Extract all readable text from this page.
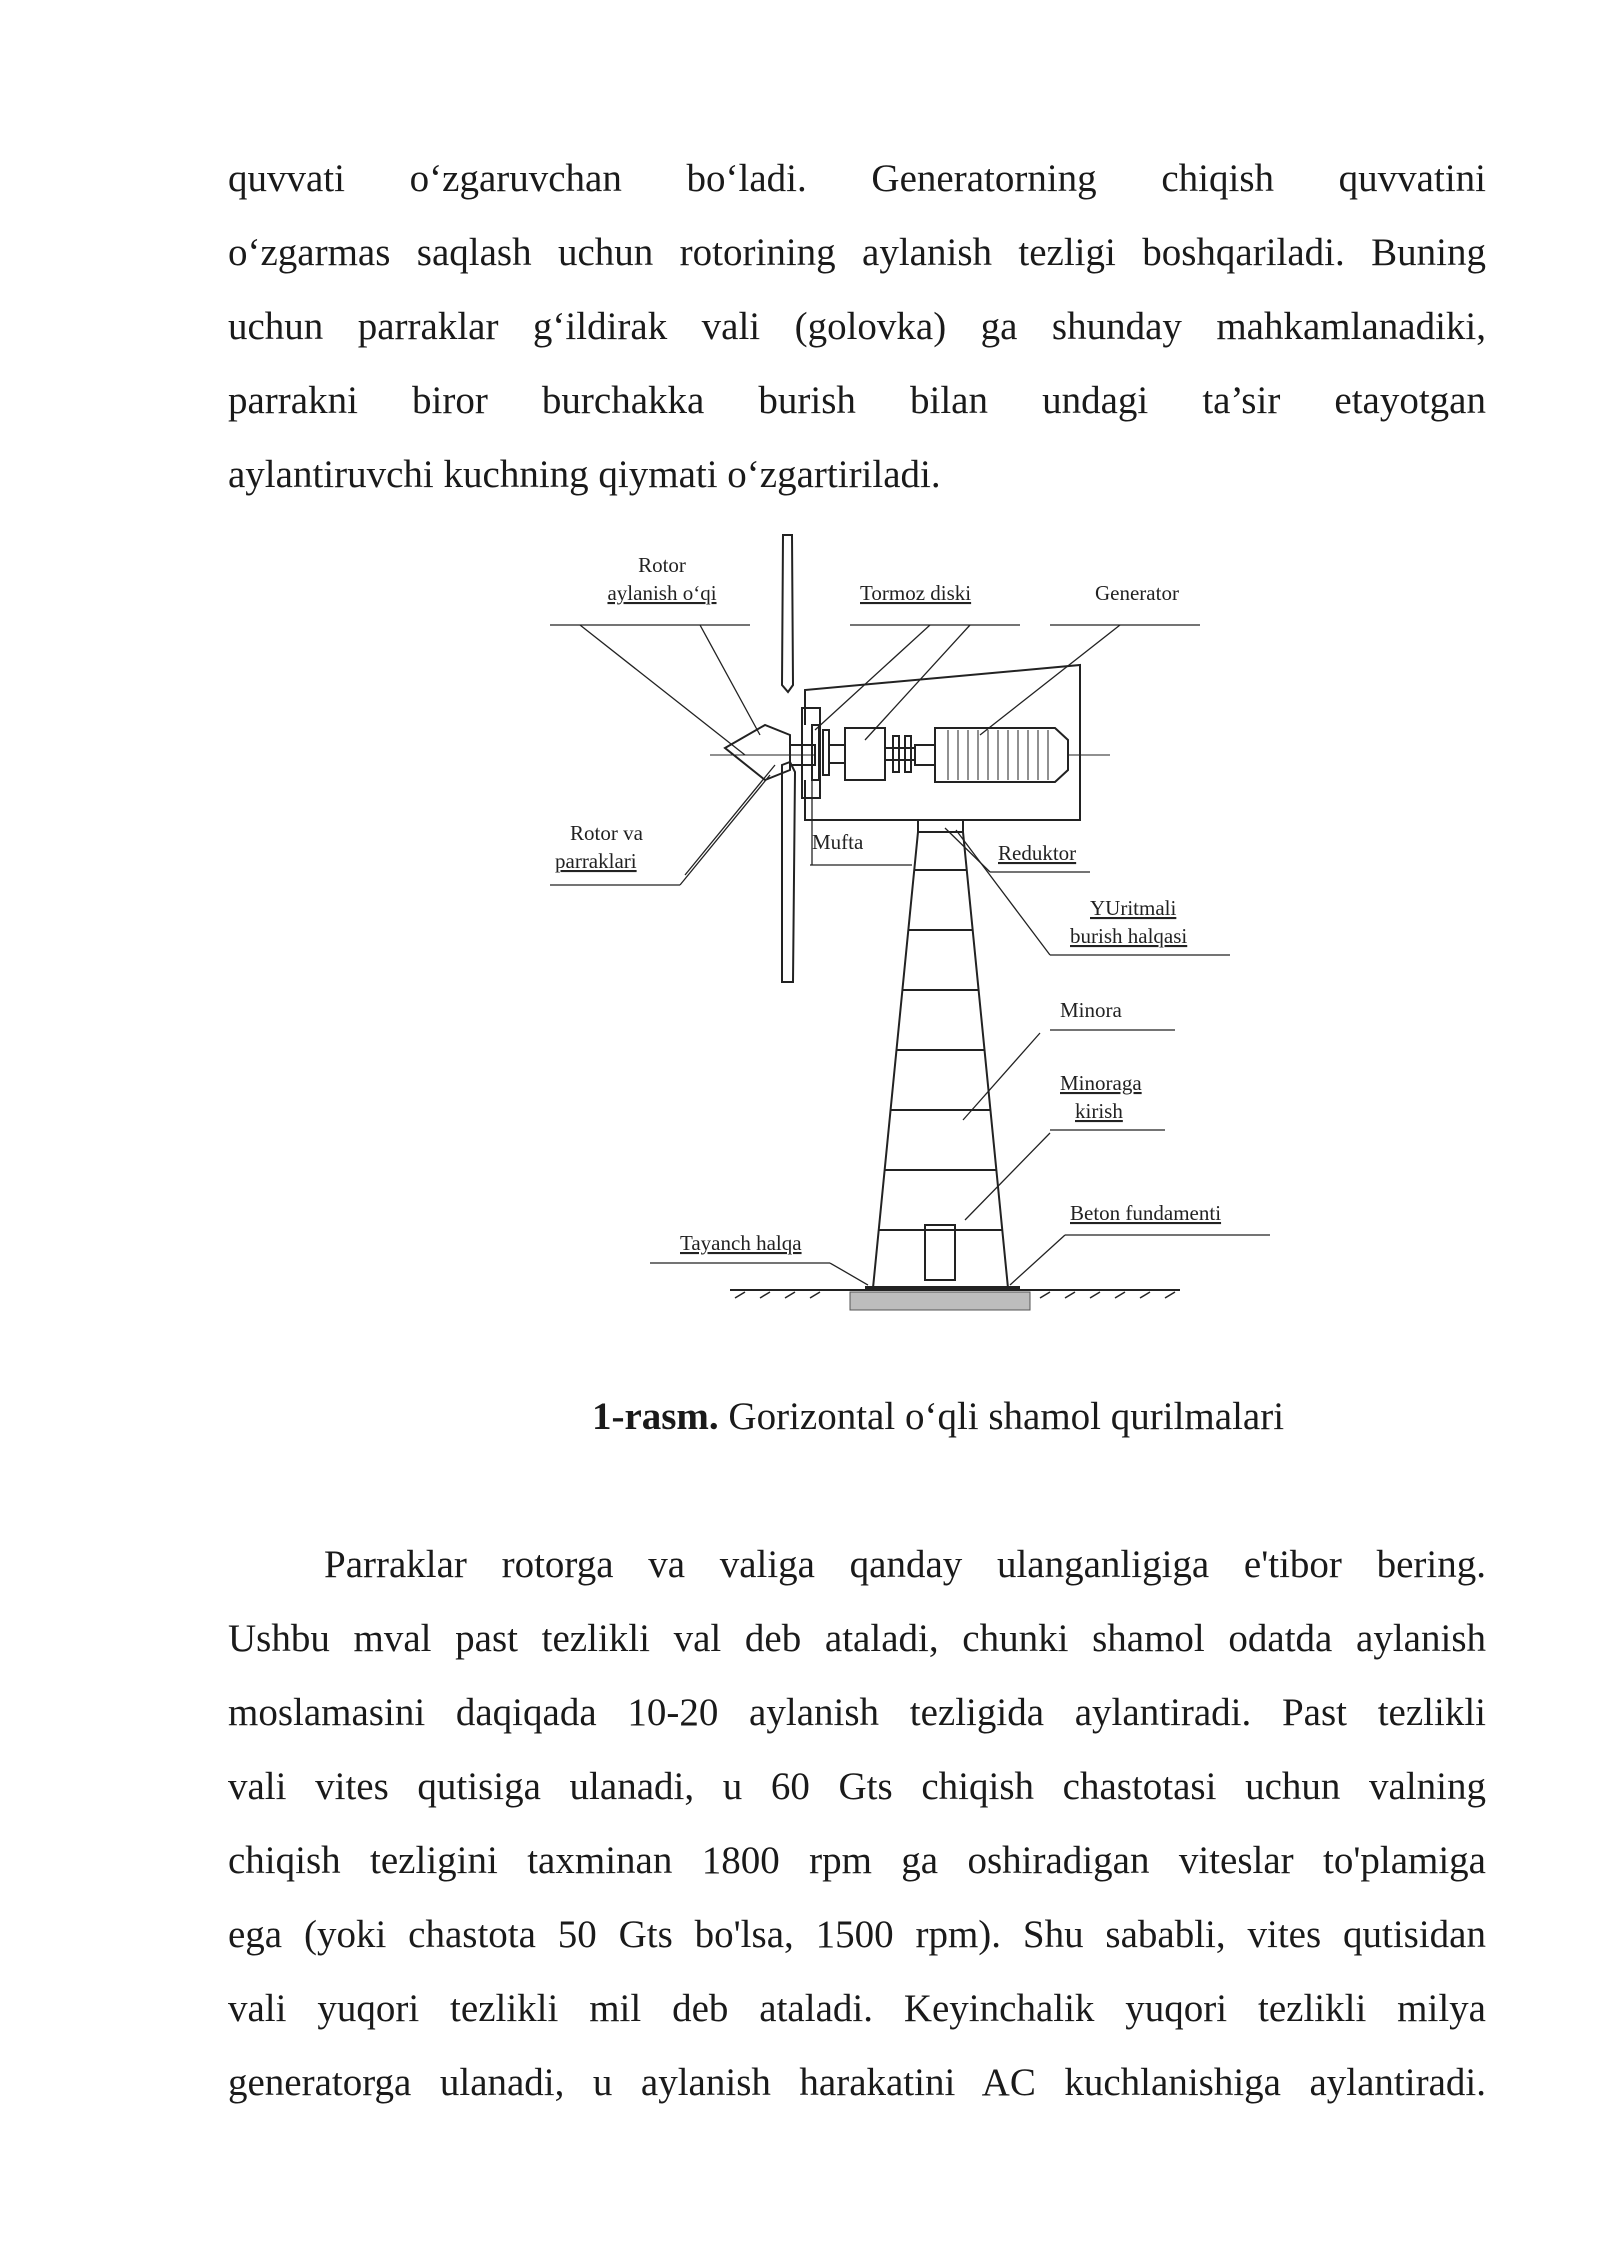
quvvati o‘zgaruvchan bo‘ladi. Generatorning chiqish quvvatini
o‘zgarmas saqlash uchun rotorining aylanish tezligi boshqariladi. Buning
uchun parraklar g‘ildirak vali (golovka) ga shunday mahkamlanadiki,
parrakni biror burchakka burish bilan undagi ta’sir etayotgan
aylantiruvchi kuchning qiymati o‘zgartiriladi.
Rotor
aylanish o‘qi	Tormoz diski	Generator
Rotor va
parraklari
Mufta	Reduktor
YUritmali
burish halqasi
Minora
Minoraga
kirish
Beton fundamenti
Tayanch halqa
1-rasm. Gorizontal o‘qli shamol qurilmalari
Parraklar rotorga va valiga qanday ulanganligiga e'tibor bering.
Ushbu mval past tezlikli val deb ataladi, chunki shamol odatda aylanish
moslamasini daqiqada 10-20 aylanish tezligida aylantiradi. Past tezlikli
vali vites qutisiga ulanadi, u 60 Gts chiqish chastotasi uchun valning
chiqish tezligini taxminan 1800 rpm ga oshiradigan viteslar to'plamiga
ega (yoki chastota 50 Gts bo'lsa, 1500 rpm). Shu sababli, vites qutisidan
vali yuqori tezlikli mil deb ataladi. Keyinchalik yuqori tezlikli milya
generatorga ulanadi, u aylanish harakatini AC kuchlanishiga aylantiradi.
